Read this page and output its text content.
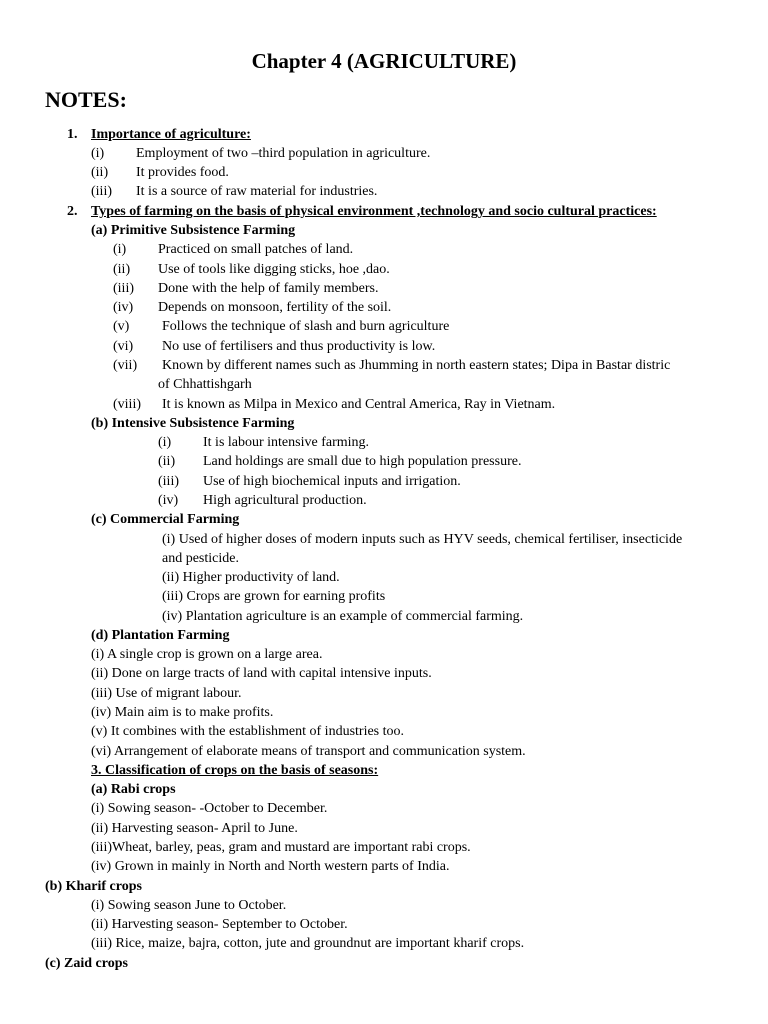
Chapter 4 (AGRICULTURE)
NOTES:
1. Importance of agriculture:
(i) Employment of two –third population in agriculture.
(ii) It provides food.
(iii) It is a source of raw material for industries.
2. Types of farming on the basis of physical environment ,technology and socio cultural practices:
(a) Primitive Subsistence Farming
(i) Practiced on small patches of land.
(ii) Use of tools like digging sticks, hoe ,dao.
(iii) Done with the help of family members.
(iv) Depends on monsoon, fertility of the soil.
(v) Follows the technique of slash and burn agriculture
(vi) No use of fertilisers and thus productivity is low.
(vii) Known by different names such as Jhumming in north eastern states; Dipa in Bastar distric
of Chhattishgarh
(viii) It is known as Milpa in Mexico and Central America, Ray in Vietnam.
(b) Intensive Subsistence Farming
(i) It is labour intensive farming.
(ii) Land holdings are small due to high population pressure.
(iii) Use of high biochemical inputs and irrigation.
(iv) High agricultural production.
(c) Commercial Farming
(i) Used of higher doses of modern inputs such as HYV seeds, chemical fertiliser, insecticide
and pesticide.
(ii) Higher productivity of land.
(iii) Crops are grown for earning profits
(iv) Plantation agriculture is an example of commercial farming.
(d) Plantation Farming
(i) A single crop is grown on a large area.
(ii) Done on large tracts of land with capital intensive inputs.
(iii) Use of migrant labour.
(iv) Main aim is to make profits.
(v) It combines with the establishment of industries too.
(vi) Arrangement of elaborate means of transport and communication system.
3. Classification of crops on the basis of seasons:
(a) Rabi crops
(i) Sowing season- -October to December.
(ii) Harvesting season- April to June.
(iii)Wheat, barley, peas, gram and mustard are important rabi crops.
(iv) Grown in mainly in North and North western parts of India.
(b) Kharif crops
(i) Sowing season June to October.
(ii) Harvesting season- September to October.
(iii) Rice, maize, bajra, cotton, jute and groundnut are important kharif crops.
(c) Zaid crops
